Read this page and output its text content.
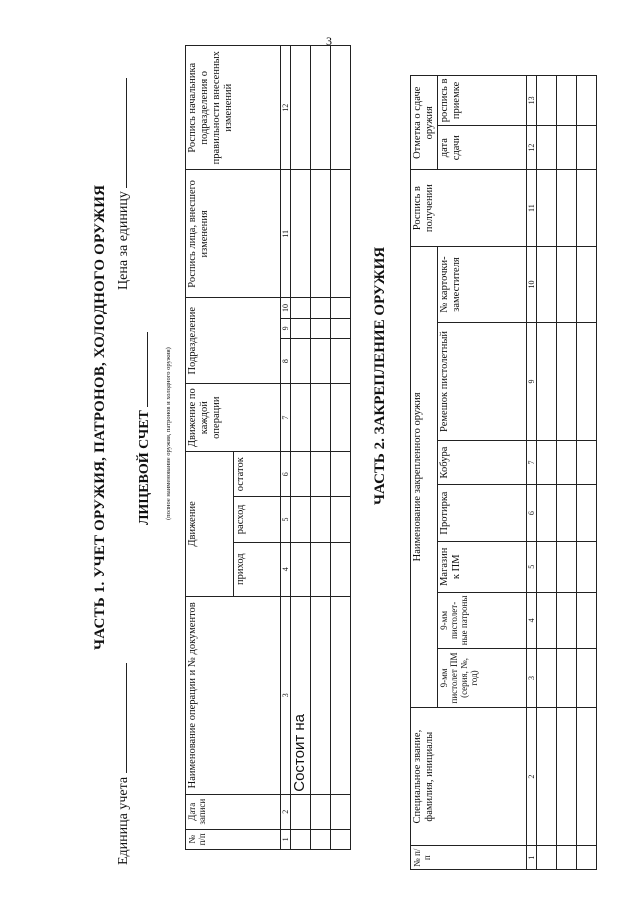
3
ЧАСТЬ 1. УЧЕТ ОРУЖИЯ, ПАТРОНОВ, ХОЛОДНОГО ОРУЖИЯ
Единица учета
Цена за единицу
ЛИЦЕВОЙ СЧЕТ (полное наименование оружия, патронов и холодного оружия)
№ п/п	Дата записи	Наименование операции и № документов	Движение			Движение по каждой операции	Подразделение			Роспись лица, внесшего изменения	Роспись начальника подразделения о правильности внесенных изменений
			приход	расход	остаток						
1	2	3	4	5	6	7	8	9	10	11	12
		Состоит на									

ЧАСТЬ 2. ЗАКРЕПЛЕНИЕ ОРУЖИЯ
№ п/п	Специальное звание, фамилия, инициалы	Наименование закрепленного оружия							Роспись в получении	Отметка о сдаче оружия	
		9-мм пистолет ПМ (серия, №, год)	9-мм пистолет-ные патроны	Магазин к ПМ	Протирка	Кобура	Ремешок пистолетный	№ карточки-заместителя		дата сдачи	роспись в приемке
1	2	3	4	5	6	7	9	10	11	12	13
